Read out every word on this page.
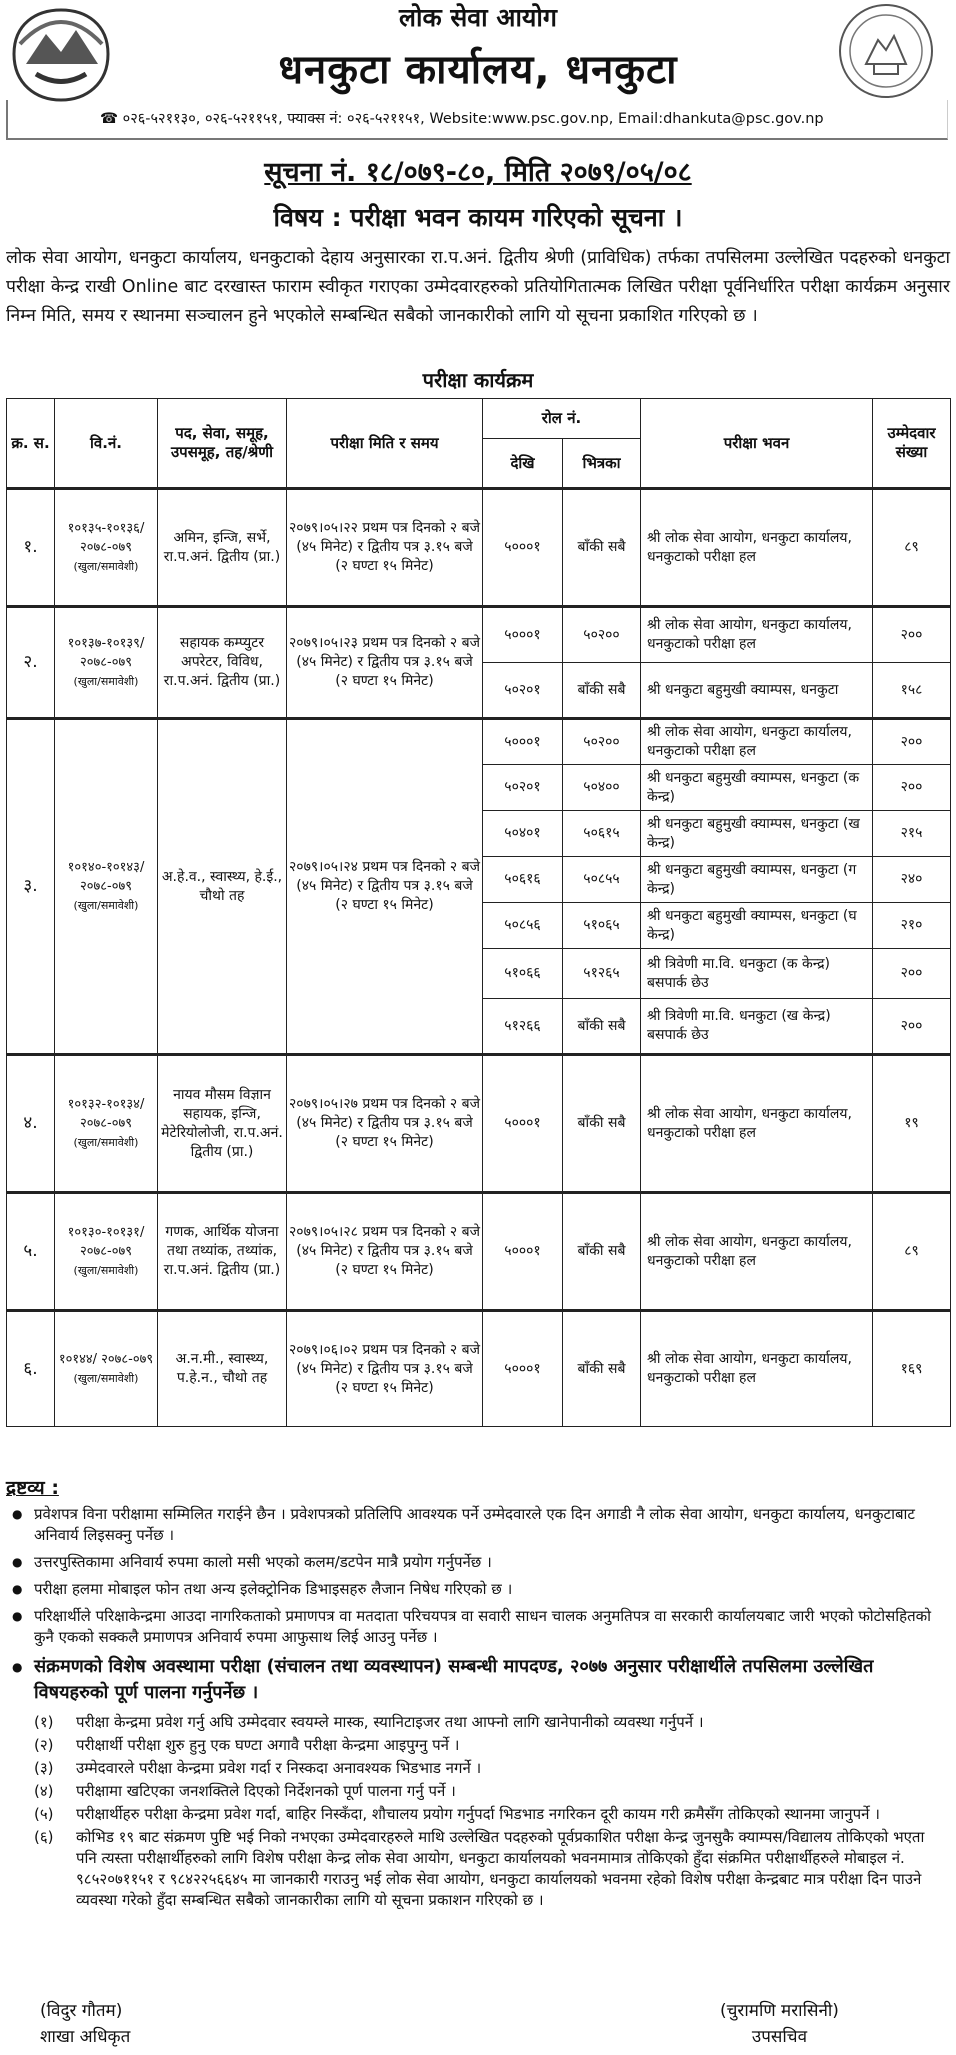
लोक सेवा आयोग
धनकुटा कार्यालय, धनकुटा
☎ ०२६-५२११३०, ०२६-५२११५१, फ्याक्स नं: ०२६-५२११५१, Website:www.psc.gov.np, Email:dhankuta@psc.gov.np
सूचना नं. १८/०७९-८०, मिति २०७९/०५/०८
विषय : परीक्षा भवन कायम गरिएको सूचना ।
लोक सेवा आयोग, धनकुटा कार्यालय, धनकुटाको देहाय अनुसारका रा.प.अनं. द्वितीय श्रेणी (प्राविधिक) तर्फका तपसिलमा उल्लेखित पदहरुको धनकुटा परीक्षा केन्द्र राखी Online बाट दरखास्त फाराम स्वीकृत गराएका उम्मेदवारहरुको प्रतियोगितात्मक लिखित परीक्षा पूर्वनिर्धारित परीक्षा कार्यक्रम अनुसार निम्न मिति, समय र स्थानमा सञ्चालन हुने भएकोले सम्बन्धित सबैको जानकारीको लागि यो सूचना प्रकाशित गरिएको छ ।
परीक्षा कार्यक्रम
क्र. स.	वि.नं.	पद, सेवा, समूह, उपसमूह, तह/श्रेणी	परीक्षा मिति र समय	रोल नं.		परीक्षा भवन	उम्मेदवार संख्या
				देखि	भित्रका		
१.	१०१३५-१०१३६/ २०७८-०७९
(खुला/समावेशी)	अमिन, इन्जि, सर्भे, रा.प.अनं. द्वितीय (प्रा.)	२०७९।०५।२२ प्रथम पत्र दिनको २ बजे (४५ मिनेट) र द्वितीय पत्र ३.१५ बजे (२ घण्टा १५ मिनेट)	५०००१	बाँकी सबै	श्री लोक सेवा आयोग, धनकुटा कार्यालय, धनकुटाको परीक्षा हल	८९
२.	१०१३७-१०१३९/ २०७८-०७९
(खुला/समावेशी)	सहायक कम्प्युटर अपरेटर, विविध, रा.प.अनं. द्वितीय (प्रा.)	२०७९।०५।२३ प्रथम पत्र दिनको २ बजे (४५ मिनेट) र द्वितीय पत्र ३.१५ बजे (२ घण्टा १५ मिनेट)	५०००१	५०२००	श्री लोक सेवा आयोग, धनकुटा कार्यालय, धनकुटाको परीक्षा हल	२००
				५०२०१	बाँकी सबै	श्री धनकुटा बहुमुखी क्याम्पस, धनकुटा	१५८
३.	१०१४०-१०१४३/ २०७८-०७९
(खुला/समावेशी)	अ.हे.व., स्वास्थ्य, हे.ई., चौथो तह	२०७९।०५।२४ प्रथम पत्र दिनको २ बजे (४५ मिनेट) र द्वितीय पत्र ३.१५ बजे (२ घण्टा १५ मिनेट)	५०००१	५०२००	श्री लोक सेवा आयोग, धनकुटा कार्यालय, धनकुटाको परीक्षा हल	२००
				५०२०१	५०४००	श्री धनकुटा बहुमुखी क्याम्पस, धनकुटा (क केन्द्र)	२००
				५०४०१	५०६१५	श्री धनकुटा बहुमुखी क्याम्पस, धनकुटा (ख केन्द्र)	२१५
				५०६१६	५०८५५	श्री धनकुटा बहुमुखी क्याम्पस, धनकुटा (ग केन्द्र)	२४०
				५०८५६	५१०६५	श्री धनकुटा बहुमुखी क्याम्पस, धनकुटा (घ केन्द्र)	२१०
				५१०६६	५१२६५	श्री त्रिवेणी मा.वि. धनकुटा (क केन्द्र) बसपार्क छेउ	२००
				५१२६६	बाँकी सबै	श्री त्रिवेणी मा.वि. धनकुटा (ख केन्द्र) बसपार्क छेउ	२००
४.	१०१३२-१०१३४/ २०७८-०७९
(खुला/समावेशी)	नायव मौसम विज्ञान सहायक, इन्जि, मेटेरियोलोजी, रा.प.अनं. द्वितीय (प्रा.)	२०७९।०५।२७ प्रथम पत्र दिनको २ बजे (४५ मिनेट) र द्वितीय पत्र ३.१५ बजे (२ घण्टा १५ मिनेट)	५०००१	बाँकी सबै	श्री लोक सेवा आयोग, धनकुटा कार्यालय, धनकुटाको परीक्षा हल	१९
५.	१०१३०-१०१३१/ २०७८-०७९
(खुला/समावेशी)	गणक, आर्थिक योजना तथा तथ्यांक, तथ्यांक, रा.प.अनं. द्वितीय (प्रा.)	२०७९।०५।२८ प्रथम पत्र दिनको २ बजे (४५ मिनेट) र द्वितीय पत्र ३.१५ बजे (२ घण्टा १५ मिनेट)	५०००१	बाँकी सबै	श्री लोक सेवा आयोग, धनकुटा कार्यालय, धनकुटाको परीक्षा हल	८९
६.	१०१४४/ २०७८-०७९
(खुला/समावेशी)	अ.न.मी., स्वास्थ्य, प.हे.न., चौथो तह	२०७९।०६।०२ प्रथम पत्र दिनको २ बजे (४५ मिनेट) र द्वितीय पत्र ३.१५ बजे (२ घण्टा १५ मिनेट)	५०००१	बाँकी सबै	श्री लोक सेवा आयोग, धनकुटा कार्यालय, धनकुटाको परीक्षा हल	१६९
द्रष्टव्य :
● प्रवेशपत्र विना परीक्षामा सम्मिलित गराईने छैन । प्रवेशपत्रको प्रतिलिपि आवश्यक पर्ने उम्मेदवारले एक दिन अगाडी नै लोक सेवा आयोग, धनकुटा कार्यालय, धनकुटाबाट अनिवार्य लिइसक्नु पर्नेछ ।
● उत्तरपुस्तिकामा अनिवार्य रुपमा कालो मसी भएको कलम/डटपेन मात्रै प्रयोग गर्नुपर्नेछ ।
● परीक्षा हलमा मोबाइल फोन तथा अन्य इलेक्ट्रोनिक डिभाइसहरु लैजान निषेध गरिएको छ ।
● परिक्षार्थीले परिक्षाकेन्द्रमा आउदा नागरिकताको प्रमाणपत्र वा मतदाता परिचयपत्र वा सवारी साधन चालक अनुमतिपत्र वा सरकारी कार्यालयबाट जारी भएको फोटोसहितको कुनै एकको सक्कलै प्रमाणपत्र अनिवार्य रुपमा आफुसाथ लिई आउनु पर्नेछ ।
● संक्रमणको विशेष अवस्थामा परीक्षा (संचालन तथा व्यवस्थापन) सम्बन्धी मापदण्ड, २०७७ अनुसार परीक्षार्थीले तपसिलमा उल्लेखित विषयहरुको पूर्ण पालना गर्नुपर्नेछ ।
(१) परीक्षा केन्द्रमा प्रवेश गर्नु अघि उम्मेदवार स्वयम्ले मास्क, स्यानिटाइजर तथा आफ्नो लागि खानेपानीको व्यवस्था गर्नुपर्ने ।
(२) परीक्षार्थी परीक्षा शुरु हुनु एक घण्टा अगावै परीक्षा केन्द्रमा आइपुग्नु पर्ने ।
(३) उम्मेदवारले परीक्षा केन्द्रमा प्रवेश गर्दा र निस्कदा अनावश्यक भिडभाड नगर्ने ।
(४) परीक्षामा खटिएका जनशक्तिले दिएको निर्देशनको पूर्ण पालना गर्नु पर्ने ।
(५) परीक्षार्थीहरु परीक्षा केन्द्रमा प्रवेश गर्दा, बाहिर निस्कँदा, शौचालय प्रयोग गर्नुपर्दा भिडभाड नगरिकन दूरी कायम गरी क्रमैसँग तोकिएको स्थानमा जानुपर्ने ।
(६) कोभिड १९ बाट संक्रमण पुष्टि भई निको नभएका उम्मेदवारहरुले माथि उल्लेखित पदहरुको पूर्वप्रकाशित परीक्षा केन्द्र जुनसुकै क्याम्पस/विद्यालय तोकिएको भएता पनि त्यस्ता परीक्षार्थीहरुको लागि विशेष परीक्षा केन्द्र लोक सेवा आयोग, धनकुटा कार्यालयको भवनमामात्र तोकिएको हुँदा संक्रमित परीक्षार्थीहरुले मोबाइल नं. ९८५२०७११५१ र ९८४२२५६६४५ मा जानकारी गराउनु भई लोक सेवा आयोग, धनकुटा कार्यालयको भवनमा रहेको विशेष परीक्षा केन्द्रबाट मात्र परीक्षा दिन पाउने व्यवस्था गरेको हुँदा सम्बन्धित सबैको जानकारीका लागि यो सूचना प्रकाशन गरिएको छ ।
(विदुर गौतम)
शाखा अधिकृत
(चुरामणि मरासिनी)
उपसचिव
